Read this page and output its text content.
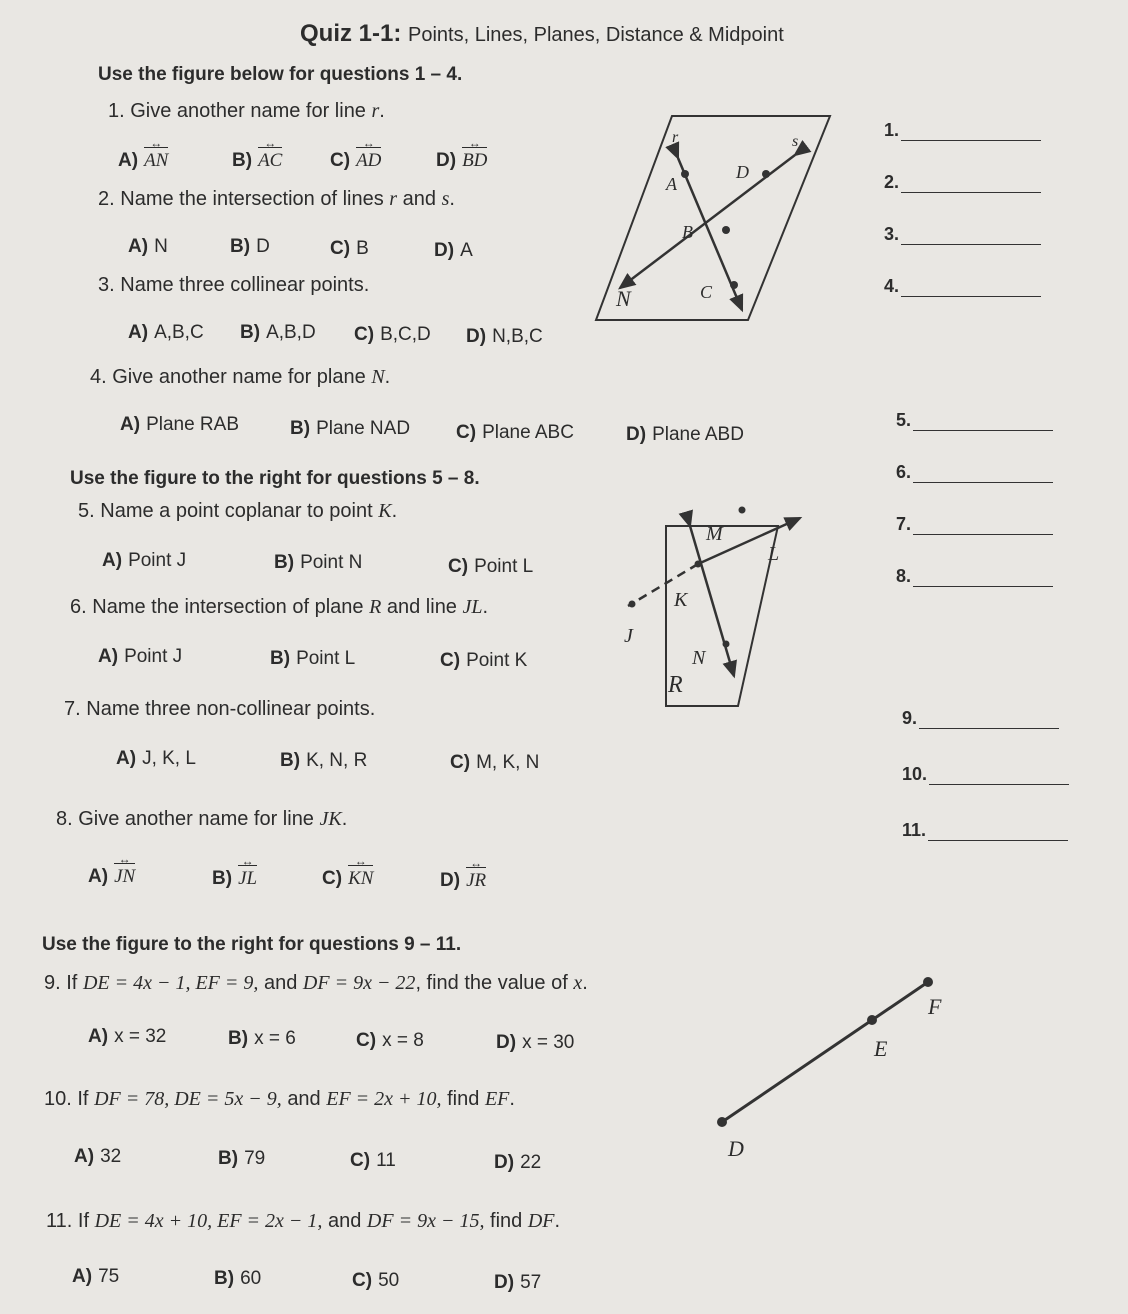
Quiz 1-1: Points, Lines, Planes, Distance & Midpoint
Use the figure below for questions 1 – 4.
1. Give another name for line r.
A) AN ↔	B) AC ↔	C) AD ↔	D) BD ↔
2. Name the intersection of lines r and s.
A) N	B) D	C) B	D) A
3. Name three collinear points.
A) A,B,C B) A,B,D C) B,C,D D) N,B,C
4. Give another name for plane N.
A) Plane RAB	B) Plane NAD C) Plane ABC	D) Plane ABD
r	s
A
D
B
C
N
Use the figure to the right for questions 5 – 8.
5. Name a point coplanar to point K.
A) Point J	B) Point N	C) Point L
6. Name the intersection of plane R and line JL.
A) Point J	B) Point L	C) Point K
7. Name three non-collinear points.
A) J, K, L	B) K, N, R	C) M, K, N
8. Give another name for line JK.
A) JN ↔	B) JL ↔	C) KN ↔	D) JR ↔
M
L
K
J
N
R
Use the figure to the right for questions 9 – 11.
9. If DE = 4x − 1, EF = 9, and DF = 9x − 22, find the value of x.
A) x = 32	B) x = 6	C) x = 8	D) x = 30
10. If DF = 78, DE = 5x − 9, and EF = 2x + 10, find EF.
A) 32	B) 79	C) 11	D) 22
11. If DE = 4x + 10, EF = 2x − 1, and DF = 9x − 15, find DF.
A) 75	B) 60	C) 50	D) 57
F
E
D
1.
2.
3.
4.
5.
6.
7.
8.
9.
10.
11.
